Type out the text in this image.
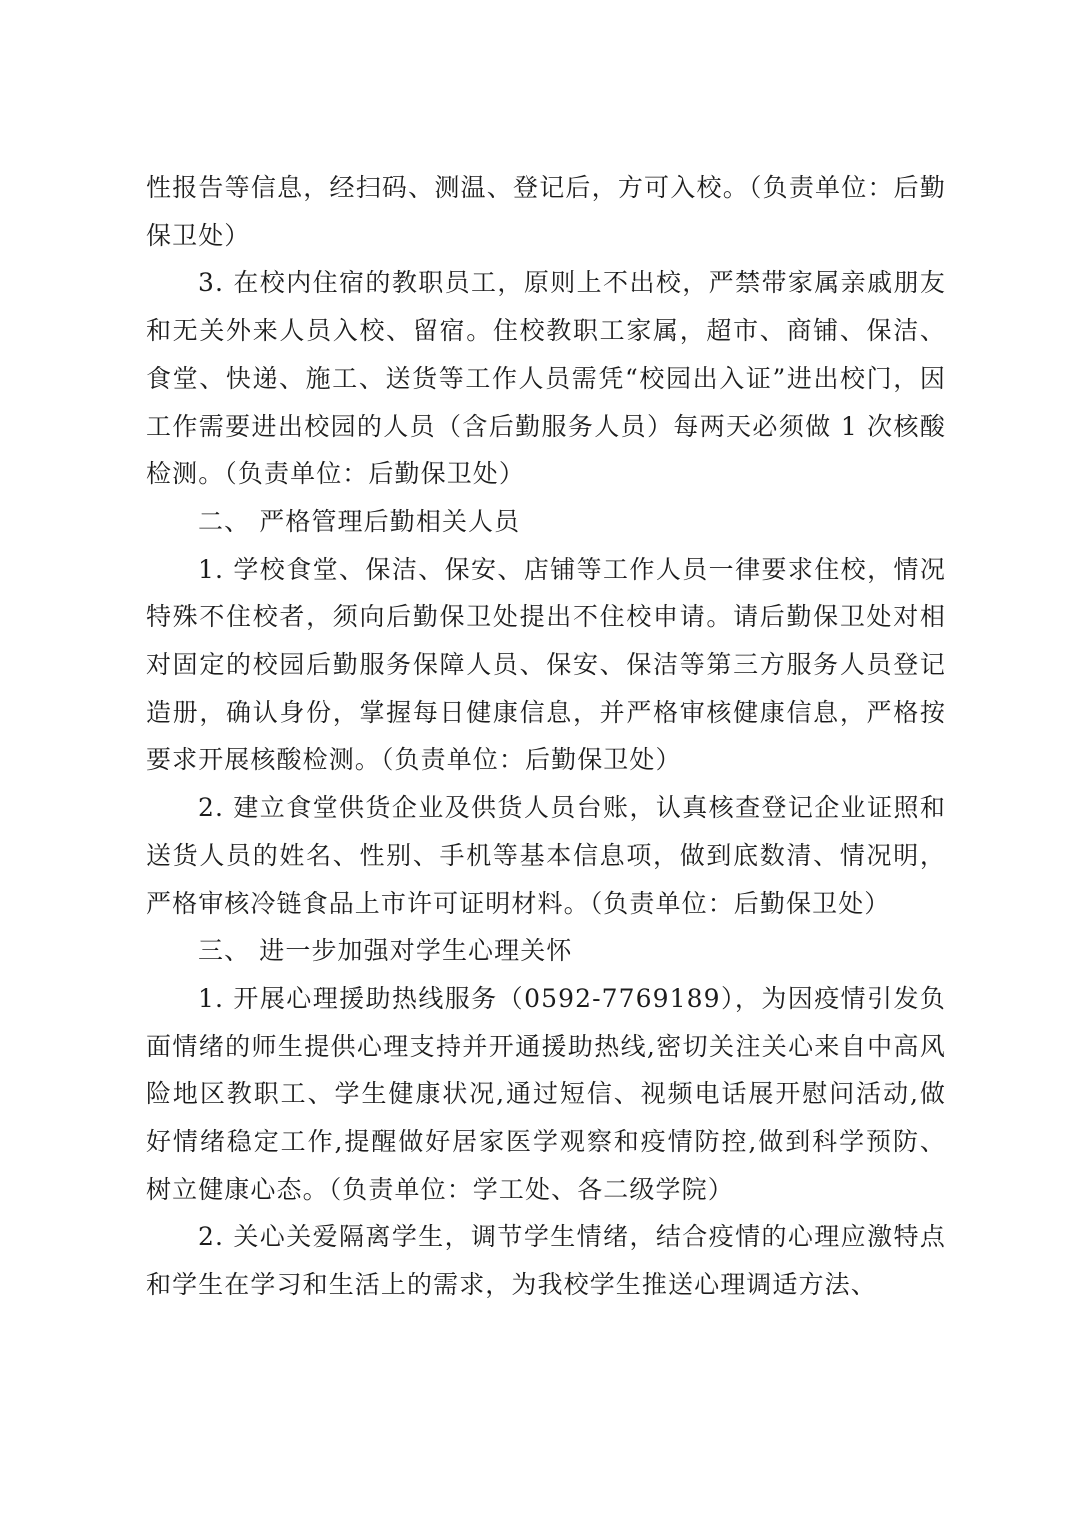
性报告等信息，经扫码、测温、登记后，方可入校。（负责单位：后勤保卫处）

3. 在校内住宿的教职员工，原则上不出校，严禁带家属亲戚朋友和无关外来人员入校、留宿。住校教职工家属，超市、商铺、保洁、食堂、快递、施工、送货等工作人员需凭“校园出入证”进出校门，因工作需要进出校园的人员（含后勤服务人员）每两天必须做 1 次核酸检测。（负责单位：后勤保卫处）

二、 严格管理后勤相关人员

1. 学校食堂、保洁、保安、店铺等工作人员一律要求住校，情况特殊不住校者，须向后勤保卫处提出不住校申请。请后勤保卫处对相对固定的校园后勤服务保障人员、保安、保洁等第三方服务人员登记造册，确认身份，掌握每日健康信息，并严格审核健康信息，严格按要求开展核酸检测。（负责单位：后勤保卫处）

2. 建立食堂供货企业及供货人员台账，认真核查登记企业证照和送货人员的姓名、性别、手机等基本信息项，做到底数清、情况明，严格审核冷链食品上市许可证明材料。（负责单位：后勤保卫处）

三、 进一步加强对学生心理关怀

1. 开展心理援助热线服务（0592-7769189），为因疫情引发负面情绪的师生提供心理支持并开通援助热线,密切关注关心来自中高风险地区教职工、学生健康状况,通过短信、视频电话展开慰问活动,做好情绪稳定工作,提醒做好居家医学观察和疫情防控,做到科学预防、树立健康心态。（负责单位：学工处、各二级学院）

2. 关心关爱隔离学生，调节学生情绪，结合疫情的心理应激特点和学生在学习和生活上的需求，为我校学生推送心理调适方法、
